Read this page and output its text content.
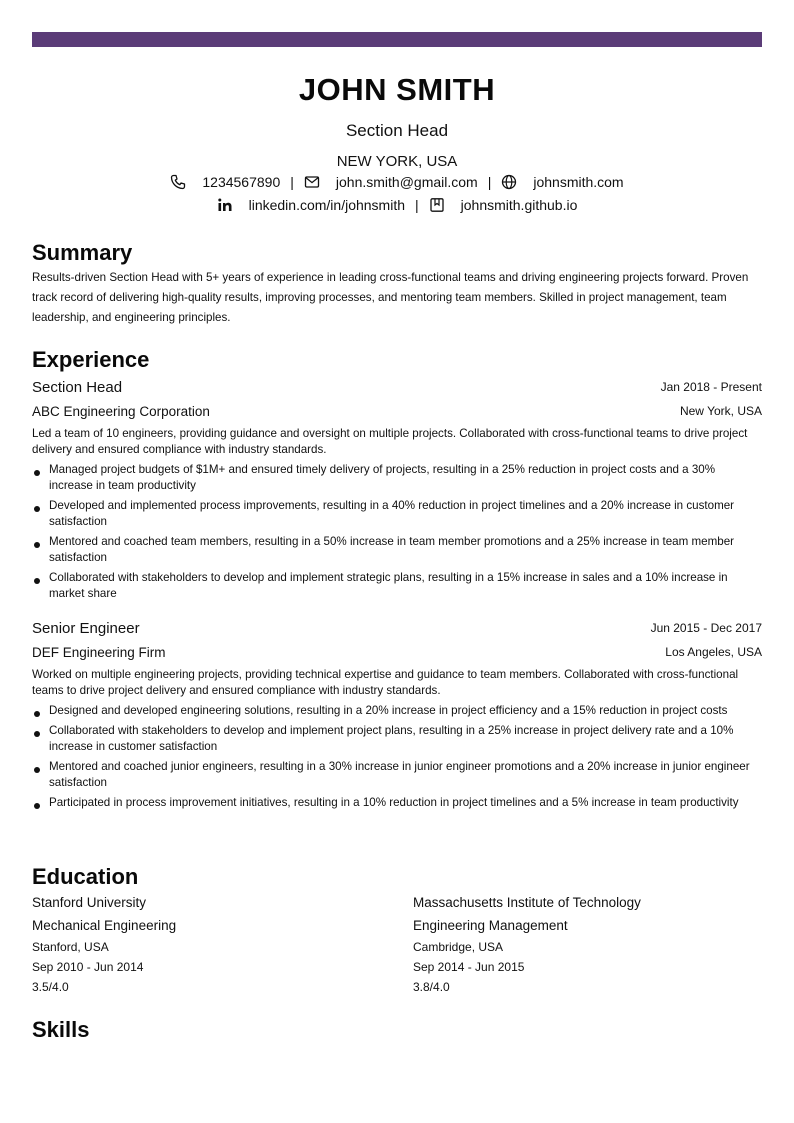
JOHN SMITH
Section Head
NEW YORK, USA
1234567890 |	john.smith@gmail.com |	johnsmith.com
linkedin.com/in/johnsmith |	johnsmith.github.io
Summary
Results-driven Section Head with 5+ years of experience in leading cross-functional teams and driving engineering projects forward. Proven track record of delivering high-quality results, improving processes, and mentoring team members. Skilled in project management, team leadership, and engineering principles.
Experience
Section Head	Jan 2018 - Present
ABC Engineering Corporation	New York, USA
Led a team of 10 engineers, providing guidance and oversight on multiple projects. Collaborated with cross-functional teams to drive project delivery and ensured compliance with industry standards.
Managed project budgets of $1M+ and ensured timely delivery of projects, resulting in a 25% reduction in project costs and a 30% increase in team productivity
Developed and implemented process improvements, resulting in a 40% reduction in project timelines and a 20% increase in customer satisfaction
Mentored and coached team members, resulting in a 50% increase in team member promotions and a 25% increase in team member satisfaction
Collaborated with stakeholders to develop and implement strategic plans, resulting in a 15% increase in sales and a 10% increase in market share
Senior Engineer	Jun 2015 - Dec 2017
DEF Engineering Firm	Los Angeles, USA
Worked on multiple engineering projects, providing technical expertise and guidance to team members. Collaborated with cross-functional teams to drive project delivery and ensured compliance with industry standards.
Designed and developed engineering solutions, resulting in a 20% increase in project efficiency and a 15% reduction in project costs
Collaborated with stakeholders to develop and implement project plans, resulting in a 25% increase in project delivery rate and a 10% increase in customer satisfaction
Mentored and coached junior engineers, resulting in a 30% increase in junior engineer promotions and a 20% increase in junior engineer satisfaction
Participated in process improvement initiatives, resulting in a 10% reduction in project timelines and a 5% increase in team productivity
Education
Stanford University
Mechanical Engineering
Stanford, USA
Sep 2010 - Jun 2014
3.5/4.0
Massachusetts Institute of Technology
Engineering Management
Cambridge, USA
Sep 2014 - Jun 2015
3.8/4.0
Skills
